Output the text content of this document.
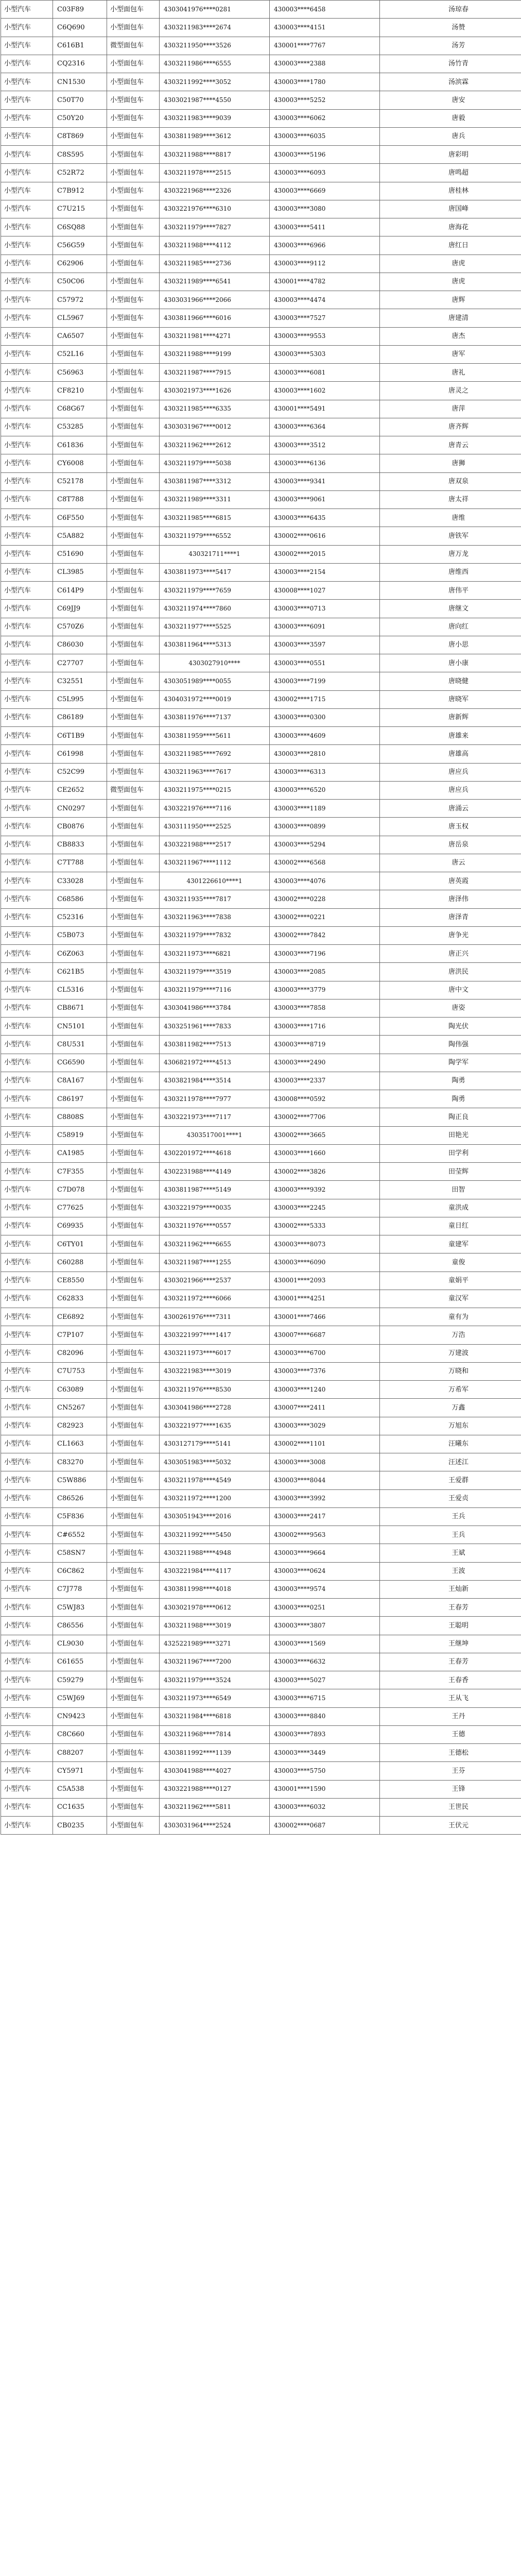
小型汽车	C03F89	小型面包车	4303041976****0281	430003****6458	汤琼春
小型汽车	C6Q690	小型面包车	4303211983****2674	430003****4151	汤赞
小型汽车	C616B1	微型面包车	4303211950****3526	430001****7767	汤芳
小型汽车	CQ2316	小型面包车	4303211986****6555	430003****2388	汤竹青
小型汽车	CN1530	小型面包车	4303211992****3052	430003****1780	汤滨霖
小型汽车	C50T70	小型面包车	4303021987****4550	430003****5252	唐安
小型汽车	C50Y20	小型面包车	4303211983****9039	430003****6062	唐毅
小型汽车	C8T869	小型面包车	4303811989****3612	430003****6035	唐兵
小型汽车	C8S595	小型面包车	4303211988****8817	430003****5196	唐彩明
小型汽车	C52R72	小型面包车	4303211978****2515	430003****6093	唐鸣超
小型汽车	C7B912	小型面包车	4303221968****2326	430003****6669	唐桂林
小型汽车	C7U215	小型面包车	4303221976****6310	430003****3080	唐国峰
小型汽车	C6SQ88	小型面包车	4303211979****7827	430003****5411	唐海花
小型汽车	C56G59	小型面包车	4303211988****4112	430003****6966	唐红日
小型汽车	C62906	小型面包车	4303211985****2736	430003****9112	唐虎
小型汽车	C50C06	小型面包车	4303211989****6541	430001****4782	唐虎
小型汽车	C57972	小型面包车	4303031966****2066	430003****4474	唐辉
小型汽车	CL5967	小型面包车	4303811966****6016	430003****7527	唐建清
小型汽车	CA6507	小型面包车	4303211981****4271	430003****9553	唐杰
小型汽车	C52L16	小型面包车	4303211988****9199	430003****5303	唐军
小型汽车	C56963	小型面包车	4303211987****7915	430003****6081	唐礼
小型汽车	CF8210	小型面包车	4303021973****1626	430003****1602	唐灵之
小型汽车	C68G67	小型面包车	4303211985****6335	430001****5491	唐萍
小型汽车	C53285	小型面包车	4303031967****0012	430003****6364	唐齐辉
小型汽车	C61836	小型面包车	4303211962****2612	430003****3512	唐青云
小型汽车	CY6008	小型面包车	4303211979****5038	430003****6136	唐狮
小型汽车	C52178	小型面包车	4303811987****3312	430003****9341	唐双泉
小型汽车	C8T788	小型面包车	4303211989****3311	430003****9061	唐太祥
小型汽车	C6F550	小型面包车	4303211985****6815	430003****6435	唐维
小型汽车	C5A882	小型面包车	4303211979****6552	430002****0616	唐铁军
小型汽车	C51690	小型面包车	430321711****1	430002****2015	唐万龙
小型汽车	CL3985	小型面包车	4303811973****5417	430003****2154	唐维西
小型汽车	C614P9	小型面包车	4303211979****7659	430008****1027	唐伟平
小型汽车	C69JJ9	小型面包车	4303211974****7860	430003****0713	唐继文
小型汽车	C570Z6	小型面包车	4303211977****5525	430003****6091	唐向红
小型汽车	C86030	小型面包车	4303811964****5313	430003****3597	唐小思
小型汽车	C27707	小型面包车	4303027910****	430003****0551	唐小康
小型汽车	C32551	小型面包车	4303051989****0055	430003****7199	唐晓健
小型汽车	C5L995	小型面包车	4304031972****0019	430002****1715	唐晓军
小型汽车	C86189	小型面包车	4303811976****7137	430003****0300	唐新辉
小型汽车	C6T1B9	小型面包车	4303811959****5611	430003****4609	唐雄来
小型汽车	C61998	小型面包车	4303211985****7692	430003****2810	唐雄高
小型汽车	C52C99	小型面包车	4303211963****7617	430003****6313	唐应兵
小型汽车	CE2652	微型面包车	4303211975****0215	430003****6520	唐应兵
小型汽车	CN0297	小型面包车	4303221976****7116	430003****1189	唐涌云
小型汽车	CB0876	小型面包车	4303111950****2525	430003****0899	唐玉权
小型汽车	CB8833	小型面包车	4303221988****2517	430003****5294	唐岳泉
小型汽车	C7T788	小型面包车	4303211967****1112	430002****6568	唐云
小型汽车	C33028	小型面包车	4301226610****1	430003****4076	唐英霞
小型汽车	C68586	小型面包车	4303211935****7817	430002****0228	唐泽伟
小型汽车	C52316	小型面包车	4303211963****7838	430002****0221	唐泽青
小型汽车	C5B073	小型面包车	4303211979****7832	430002****7842	唐争光
小型汽车	C6Z063	小型面包车	4303211973****6821	430003****7196	唐正兴
小型汽车	C621B5	小型面包车	4303211979****3519	430003****2085	唐洪民
小型汽车	CL5316	小型面包车	4303211979****7116	430003****3779	唐中文
小型汽车	CB8671	小型面包车	4303041986****3784	430003****7858	唐姿
小型汽车	CN5101	小型面包车	4303251961****7833	430003****1716	陶光伏
小型汽车	C8U531	小型面包车	4303811982****7513	430003****8719	陶伟强
小型汽车	CG6590	小型面包车	4306821972****4513	430003****2490	陶学军
小型汽车	C8A167	小型面包车	4303821984****3514	430003****2337	陶勇
小型汽车	C86197	小型面包车	4303211978****7977	430008****0592	陶勇
小型汽车	C8808S	小型面包车	4303221973****7117	430002****7706	陶正良
小型汽车	C58919	小型面包车	4303517001****1	430002****3665	田艳光
小型汽车	CA1985	小型面包车	4302201972****4618	430003****1660	田学利
小型汽车	C7F355	小型面包车	4302231988****4149	430002****3826	田莹辉
小型汽车	C7D078	小型面包车	4303811987****5149	430003****9392	田智
小型汽车	C77625	小型面包车	4303221979****0035	430003****2245	童洪成
小型汽车	C69935	小型面包车	4303211976****0557	430002****5333	童日红
小型汽车	C6TY01	小型面包车	4303211962****6655	430003****8073	童建军
小型汽车	C60288	小型面包车	4303211987****1255	430003****6090	童俊
小型汽车	CE8550	小型面包车	4303021966****2537	430001****2093	童娟平
小型汽车	C62833	小型面包车	4303211972****6066	430001****4251	童汉军
小型汽车	CE6892	小型面包车	4300261976****7311	430001****7466	童有为
小型汽车	C7P107	小型面包车	4303221997****1417	430007****6687	万浩
小型汽车	C82096	小型面包车	4303211973****6017	430003****6700	万建波
小型汽车	C7U753	小型面包车	4303221983****3019	430003****7376	万晓和
小型汽车	C63089	小型面包车	4303211976****8530	430003****1240	万希军
小型汽车	CN5267	小型面包车	4303041986****2728	430007****2411	万鑫
小型汽车	C82923	小型面包车	4303221977****1635	430003****3029	万旭东
小型汽车	CL1663	小型面包车	4303127179****5141	430002****1101	汪曦东
小型汽车	C83270	小型面包车	4303051983****5032	430003****3008	汪述江
小型汽车	C5W886	小型面包车	4303211978****4549	430003****8044	王爱群
小型汽车	C86526	小型面包车	4303211972****1200	430003****3992	王爱贞
小型汽车	C5F836	小型面包车	4303051943****2016	430003****2417	王兵
小型汽车	C#6552	小型面包车	4303211992****5450	430002****9563	王兵
小型汽车	C58SN7	小型面包车	4303211988****4948	430003****9664	王斌
小型汽车	C6C862	小型面包车	4303221984****4117	430003****0624	王波
小型汽车	C7J778	小型面包车	4303811998****4018	430003****9574	王灿新
小型汽车	C5WJ83	小型面包车	4303021978****0612	430003****0251	王春芳
小型汽车	C86556	小型面包车	4303211988****3019	430003****3807	王聪明
小型汽车	CL9030	小型面包车	4325221989****3271	430003****1569	王继坤
小型汽车	C61655	小型面包车	4303211967****7200	430003****6632	王春芳
小型汽车	C59279	小型面包车	4303211979****3524	430003****5027	王春香
小型汽车	C5WJ69	小型面包车	4303211973****6549	430003****6715	王从飞
小型汽车	CN9423	小型面包车	4303211984****6818	430003****8840	王丹
小型汽车	C8C660	小型面包车	4303211968****7814	430003****7893	王德
小型汽车	C88207	小型面包车	4303811992****1139	430003****3449	王德松
小型汽车	CY5971	小型面包车	4303041988****4027	430003****5750	王芬
小型汽车	C5A538	小型面包车	4303221988****0127	430001****1590	王锋
小型汽车	CC1635	小型面包车	4303211962****5811	430003****6032	王世民
小型汽车	CB0235	小型面包车	4303031964****2524	430002****0687	王伏元
